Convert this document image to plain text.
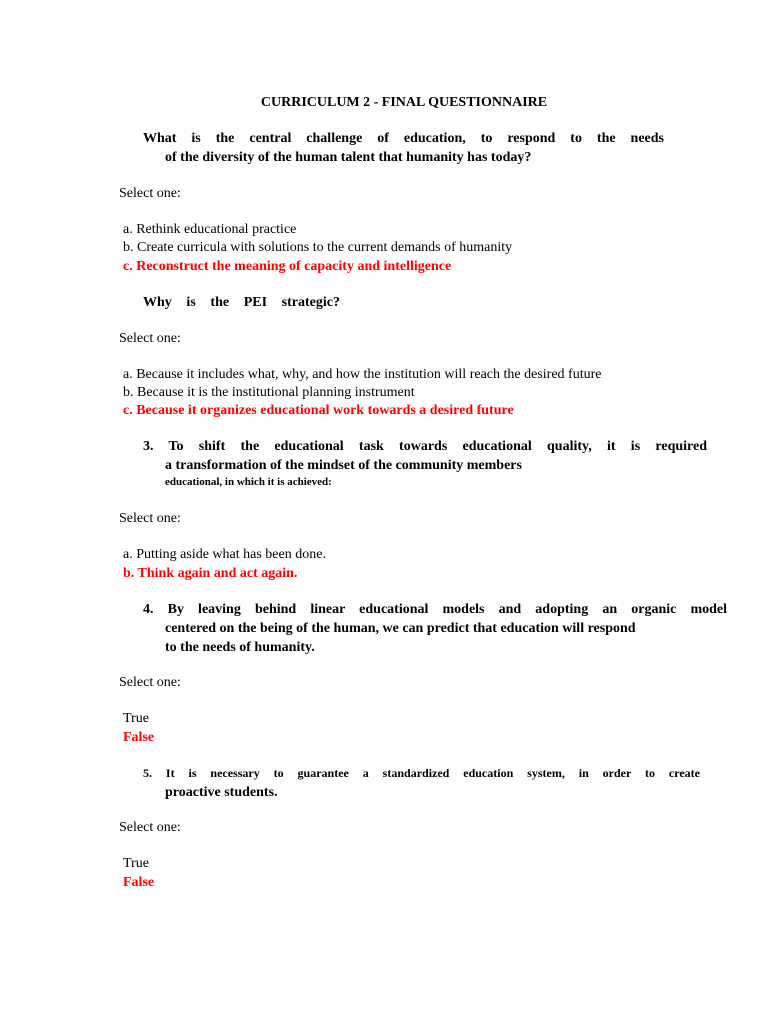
CURRICULUM 2 - FINAL QUESTIONNAIRE
What is the central challenge of education, to respond to the needs
of the diversity of the human talent that humanity has today?
Select one:
a. Rethink educational practice
b. Create curricula with solutions to the current demands of humanity
c. Reconstruct the meaning of capacity and intelligence
Why is the PEI strategic?
Select one:
a. Because it includes what, why, and how the institution will reach the desired future
b. Because it is the institutional planning instrument
c. Because it organizes educational work towards a desired future
3. To shift the educational task towards educational quality, it is required
a transformation of the mindset of the community members
educational, in which it is achieved:
Select one:
a. Putting aside what has been done.
b. Think again and act again.
4. By leaving behind linear educational models and adopting an organic model
centered on the being of the human, we can predict that education will respond
to the needs of humanity.
Select one:
True
False
5. It is necessary to guarantee a standardized education system, in order to create
proactive students.
Select one:
True
False
